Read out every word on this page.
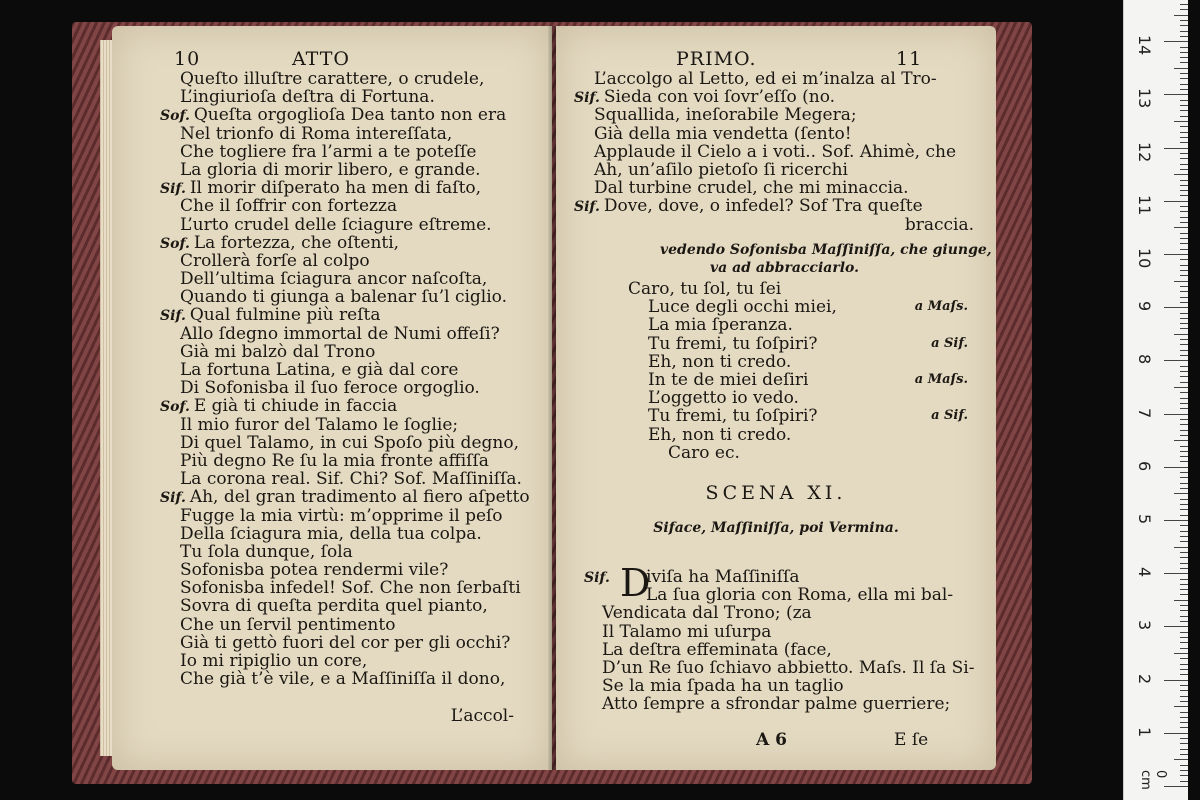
10	ATTO
Queſto illuſtre carattere, o crudele,
L’ingiurioſa deſtra di Fortuna.
Sof. Queſta orgoglioſa Dea tanto non era
Nel trionfo di Roma intereſſata,
Che togliere fra l’armi a te poteſſe
La gloria di morir libero, e grande.
Sif. Il morir diſperato ha men di faſto,
Che il ſoffrir con fortezza
L’urto crudel delle ſciagure eſtreme.
Sof. La fortezza, che oſtenti,
Crollerà forſe al colpo
Dell’ultima ſciagura ancor naſcoſta,
Quando ti giunga a balenar ſu’l ciglio.
Sif. Qual fulmine più reſta
Allo ſdegno immortal de Numi offeſi?
Già mi balzò dal Trono
La fortuna Latina, e già dal core
Di Sofonisba il ſuo feroce orgoglio.
Sof. E già ti chiude in faccia
Il mio furor del Talamo le ſoglie;
Di quel Talamo, in cui Spoſo più degno,
Più degno Re ſu la mia fronte affiſſa
La corona real. Sif. Chi? Sof. Maſſiniſſa.
Sif. Ah, del gran tradimento al fiero aſpetto
Fugge la mia virtù: m’opprime il peſo
Della ſciagura mia, della tua colpa.
Tu ſola dunque, ſola
Sofonisba potea rendermi vile?
Sofonisba infedel! Sof. Che non ſerbaſti
Sovra di queſta perdita quel pianto,
Che un ſervil pentimento
Già ti gettò fuori del cor per gli occhi?
Io mi ripiglio un core,
Che già t’è vile, e a Maſſiniſſa il dono,
L’accol-
PRIMO.	11
L’accolgo al Letto, ed ei m’inalza al Tro-
Sif. Sieda con voi ſovr’eſſo (no.
Squallida, ineſorabile Megera;
Già della mia vendetta (ſento!
Applaude il Cielo a i voti.. Sof. Ahimè, che
Ah, un’aſilo pietoſo ſi ricerchi
Dal turbine crudel, che mi minaccia.
Sif. Dove, dove, o infedel? Sof Tra queſte
braccia.
vedendo Sofonisba Maſſiniſſa, che giunge,
va ad abbracciarlo.
Caro, tu ſol, tu ſei
Luce degli occhi miei,	a Maſs.
La mia ſperanza.
Tu fremi, tu ſoſpiri?	a Sif.
Eh, non ti credo.
In te de miei deſiri	a Maſs.
L’oggetto io vedo.
Tu fremi, tu ſoſpiri?	a Sif.
Eh, non ti credo.
Caro ec.
SCENA XI.
Siface, Maſſiniſſa, poi Vermina.
Sif. D
iviſa ha Maſſiniſſa
La ſua gloria con Roma, ella mi bal-
Vendicata dal Trono; (za
Il Talamo mi uſurpa
La deſtra effeminata (face,
D’un Re ſuo ſchiavo abbietto. Maſs. Il ſa Si-
Se la mia ſpada ha un taglio
Atto ſempre a sfrondar palme guerriere;
A 6	E ſe
0 cm
1
2
3
4
5
6
7
8
9
10
11
12
13
14
